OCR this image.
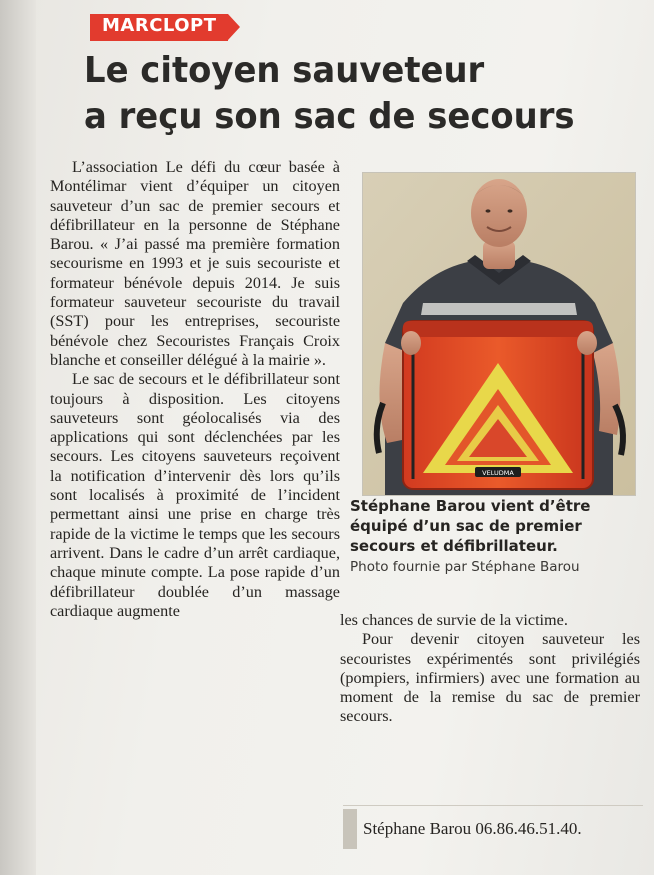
MARCLOPT
Le citoyen sauveteur
a reçu son sac de secours

L’association Le défi du cœur basée à Montélimar vient d’équiper un citoyen sauveteur d’un sac de premier secours et défibrillateur en la personne de Stéphane Barou. « J’ai passé ma première formation secourisme en 1993 et je suis secouriste et formateur bénévole depuis 2014. Je suis formateur sauveteur secouriste du travail (SST) pour les entreprises, secouriste bénévole chez Secouristes Français Croix blanche et conseiller délégué à la mairie ».

Le sac de secours et le défibrillateur sont toujours à disposition. Les citoyens sauveteurs sont géolocalisés via des applications qui sont déclenchées par les secours. Les citoyens sauveteurs reçoivent la notification d’intervenir dès lors qu’ils sont localisés à proximité de l’incident permettant ainsi une prise en charge très rapide de la victime le temps que les secours arrivent. Dans le cadre d’un arrêt cardiaque, chaque minute compte. La pose rapide d’un défibrillateur doublée d’un massage cardiaque augmente

VELUDMA
Stéphane Barou vient d’être équipé d’un sac de premier secours et défibrillateur.
Photo fournie par Stéphane Barou

les chances de survie de la victime.

Pour devenir citoyen sauveteur les secouristes expérimentés sont privilégiés (pompiers, infirmiers) avec une formation au moment de la remise du sac de premier secours.

Stéphane Barou 06.86.46.51.40.
